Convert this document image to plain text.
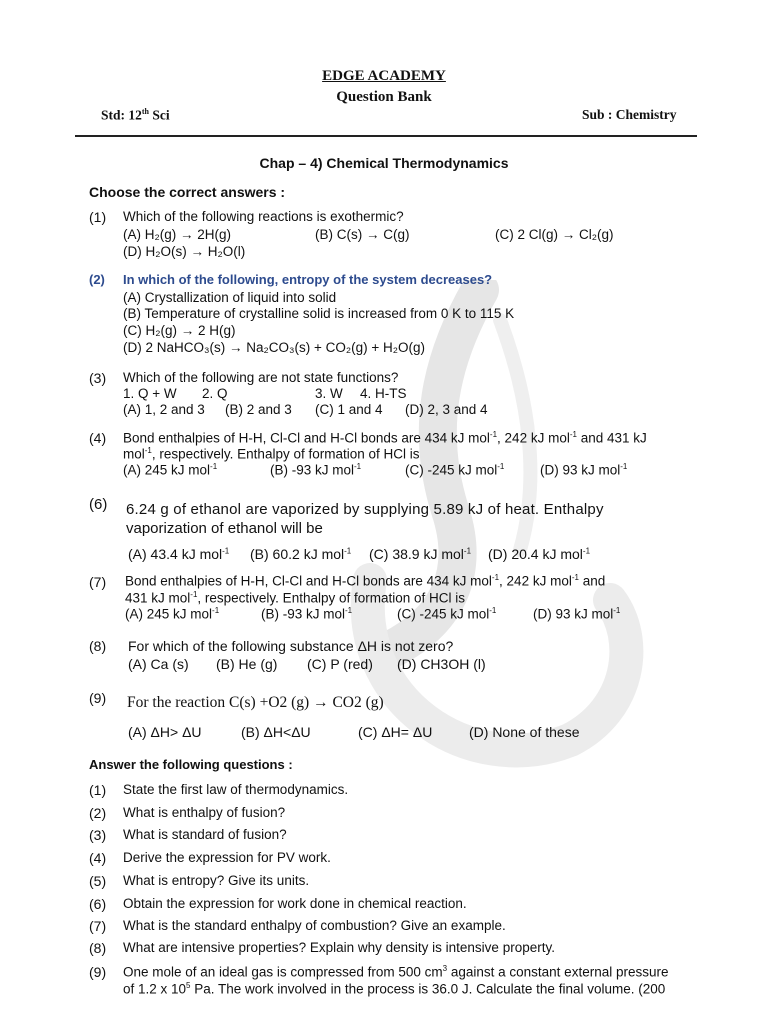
EDGE ACADEMY
Question Bank
Std: 12th Sci	Sub : Chemistry
Chap – 4) Chemical Thermodynamics
Choose the correct answers :
(1) Which of the following reactions is exothermic?
(A) H₂(g) → 2H(g)	(B) C(s) → C(g)	(C) 2 Cl(g) → Cl₂(g)
(D) H₂O(s) → H₂O(l)
(2) In which of the following, entropy of the system decreases?
(A) Crystallization of liquid into solid
(B) Temperature of crystalline solid is increased from 0 K to 115 K
(C) H₂(g) → 2 H(g)
(D) 2 NaHCO₃(s) → Na₂CO₃(s) + CO₂(g) + H₂O(g)
(3) Which of the following are not state functions?
1. Q + W 2. Q	3. W 4. H-TS
(A) 1, 2 and 3 (B) 2 and 3 (C) 1 and 4 (D) 2, 3 and 4
(4) Bond enthalpies of H-H, Cl-Cl and H-Cl bonds are 434 kJ mol$^{-1}$, 242 kJ mol$^{-1}$ and 431 kJ
mol$^{-1}$, respectively. Enthalpy of formation of HCl is
(A) 245 kJ mol$^{-1}$	(B) -93 kJ mol$^{-1}$	(C) -245 kJ mol$^{-1}$	(D) 93 kJ mol$^{-1}$
(6) 6.24 g of ethanol are vaporized by supplying 5.89 kJ of heat. Enthalpy
vaporization of ethanol will be
(A) 43.4 kJ mol$^{-1}$ (B) 60.2 kJ mol$^{-1}$ (C) 38.9 kJ mol$^{-1}$ (D) 20.4 kJ mol$^{-1}$
(7) Bond enthalpies of H-H, Cl-Cl and H-Cl bonds are 434 kJ mol$^{-1}$, 242 kJ mol$^{-1}$ and
431 kJ mol$^{-1}$, respectively. Enthalpy of formation of HCl is
(A) 245 kJ mol$^{-1}$	(B) -93 kJ mol$^{-1}$	(C) -245 kJ mol$^{-1}$	(D) 93 kJ mol$^{-1}$
(8) For which of the following substance ΔH is not zero?
(A) Ca (s) (B) He (g) (C) P (red) (D) CH3OH (l)
(9) For the reaction C(s) +O2 (g) → CO2 (g)
(A) ΔH> ΔU	(B) ΔH<ΔU	(C) ΔH= ΔU	(D) None of these
Answer the following questions :
(1) State the first law of thermodynamics.
(2) What is enthalpy of fusion?
(3) What is standard of fusion?
(4) Derive the expression for PV work.
(5) What is entropy? Give its units.
(6) Obtain the expression for work done in chemical reaction.
(7) What is the standard enthalpy of combustion? Give an example.
(8) What are intensive properties? Explain why density is intensive property.
(9) One mole of an ideal gas is compressed from 500 $cm^3$ against a constant external pressure
of 1.2 x $10^5$ Pa. The work involved in the process is 36.0 J. Calculate the final volume. (200
